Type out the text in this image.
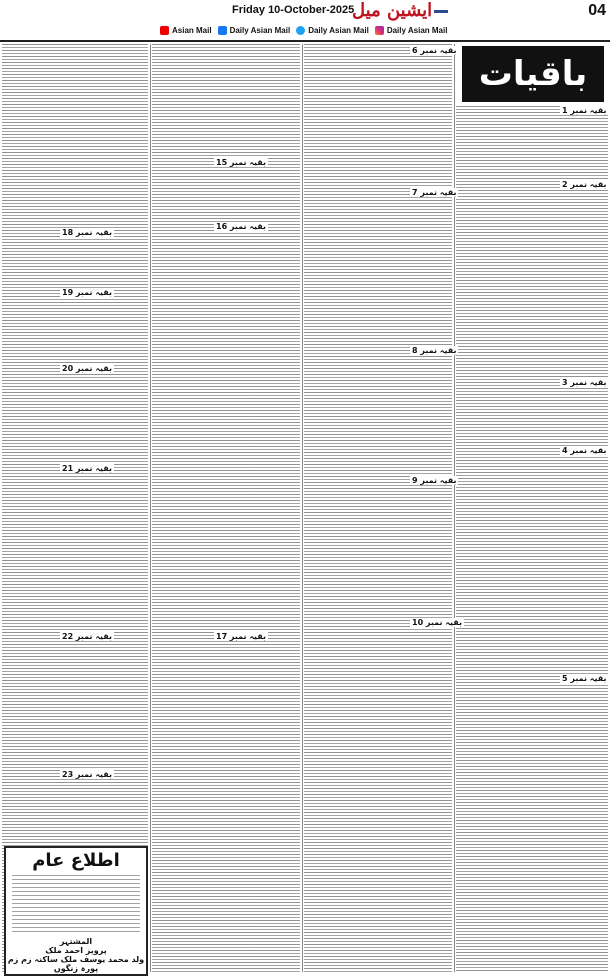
Friday 10-October-2025
ایشین میل	04
Asian Mail Daily Asian Mail Daily Asian Mail Daily Asian Mail
باقیات
بقیہ نمبر 1
بقیہ نمبر 2
بقیہ نمبر 3
بقیہ نمبر 4
بقیہ نمبر 5
بقیہ نمبر 6
بقیہ نمبر 7
بقیہ نمبر 8
بقیہ نمبر 9
بقیہ نمبر 10
بقیہ نمبر 15
بقیہ نمبر 16
بقیہ نمبر 17
بقیہ نمبر 18
بقیہ نمبر 19
بقیہ نمبر 20
بقیہ نمبر 21
بقیہ نمبر 22
بقیہ نمبر 23
اطلاع عام
المشتہر
پرویز احمد ملک
ولد محمد یوسف ملک ساکنہ زم زم پورہ زنگوں
